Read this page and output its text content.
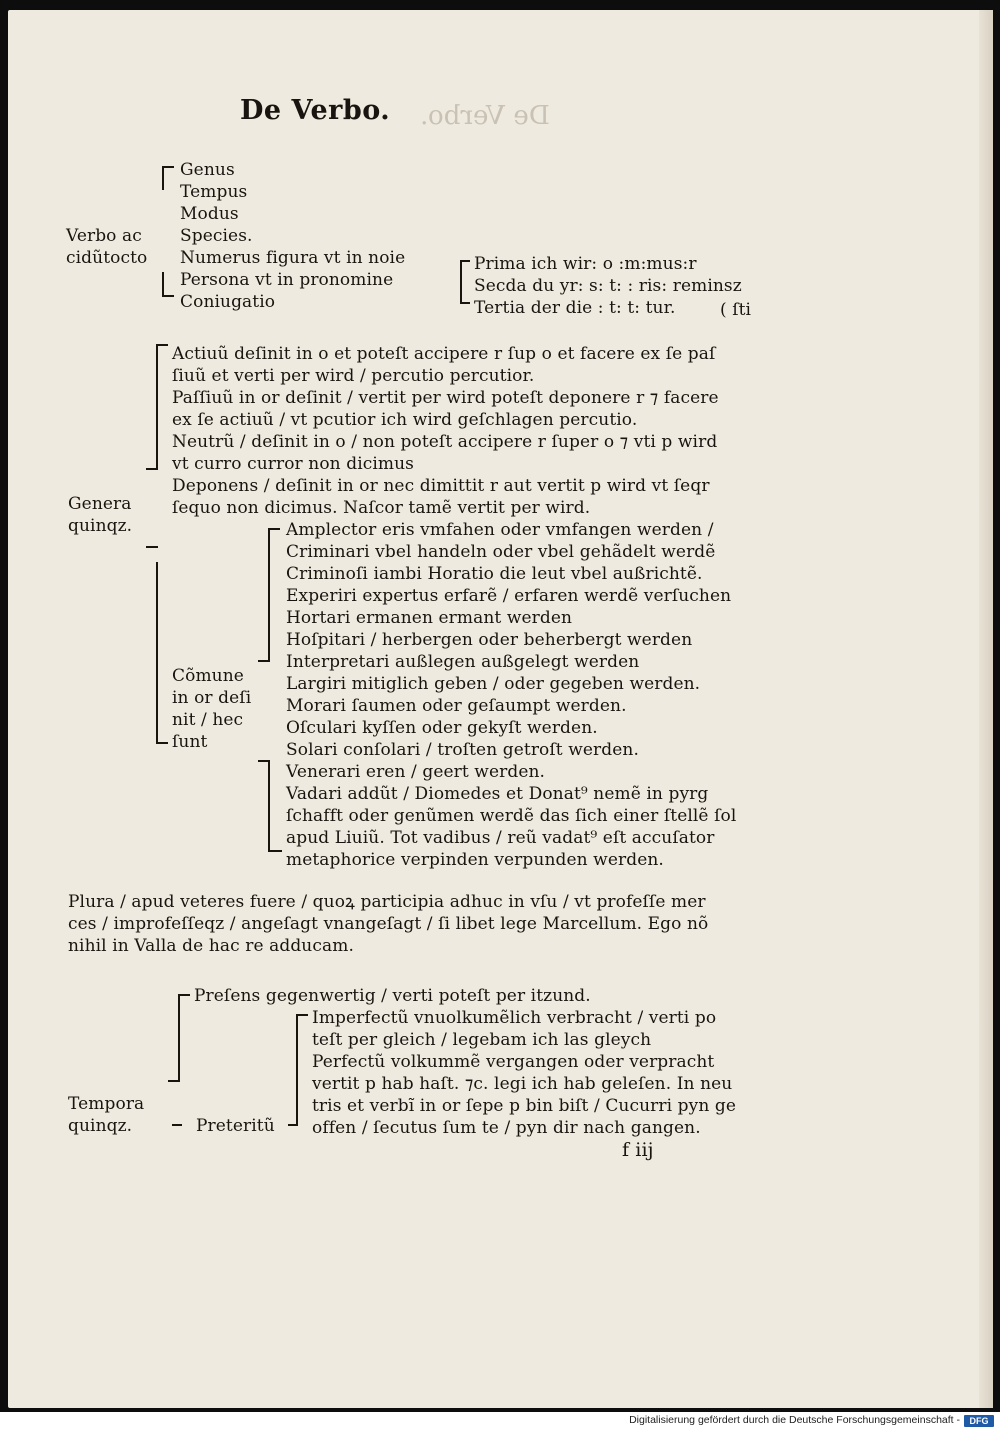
De Verbo. De Verbo.
Verbo ac
cidũtocto
Genus
Tempus
Modus
Species.
Numerus figura vt in noie
Persona vt in pronomine
Coniugatio
Prima ich wir: o :m:mus:r
Secda du yr: s: t: : ris: reminsz
Tertia der die : t: t: tur.	( ſti
Genera
quinqz.
Actiuũ deſinit in o et poteſt accipere r ſup o et facere ex ſe paſ
ſiuũ et verti per wird / percutio percutior.
Paſſiuũ in or deſinit / vertit per wird poteſt deponere r ⁊ facere
ex ſe actiuũ / vt pcutior ich wird geſchlagen percutio.
Neutrũ / deſinit in o / non poteſt accipere r ſuper o ⁊ vti p wird
vt curro curror non dicimus
Deponens / deſinit in or nec dimittit r aut vertit p wird vt ſeqr
ſequo non dicimus. Naſcor tamẽ vertit per wird.
Cõmune
in or deſi
nit / hec
ſunt
Amplector eris vmfahen oder vmfangen werden /
Criminari vbel handeln oder vbel gehãdelt werdẽ
Criminoſi iambi Horatio die leut vbel außrichtẽ.
Experiri expertus erfarẽ / erfaren werdẽ verſuchen
Hortari ermanen ermant werden
Hoſpitari / herbergen oder beherbergt werden
Interpretari außlegen außgelegt werden
Largiri mitiglich geben / oder gegeben werden.
Morari ſaumen oder geſaumpt werden.
Oſculari kyſſen oder gekyſt werden.
Solari conſolari / troſten getroſt werden.
Venerari eren / geert werden.
Vadari addũt / Diomedes et Donat⁹ nemẽ in pyrg
ſchafft oder genũmen werdẽ das ſich einer ſtellẽ ſol
apud Liuiũ. Tot vadibus / reũ vadat⁹ eſt accuſator
metaphorice verpinden verpunden werden.
Plura / apud veteres fuere / quoꝝ participia adhuc in vſu / vt profeſſe mer
ces / improfeſſeqz / angeſagt vnangeſagt / ſi libet lege Marcellum. Ego nõ
nihil in Valla de hac re adducam.
Tempora
quinqz.	Preteritũ
Preſens gegenwertig / verti poteſt per itzund.
Imperfectũ vnuolkumẽlich verbracht / verti po
teſt per gleich / legebam ich las gleych
Perfectũ volkummẽ vergangen oder verpracht
vertit p hab haſt. ⁊c. legi ich hab geleſen. In neu
tris et verbĩ in or ſepe p bin biſt / Cucurri pyn ge
offen / ſecutus ſum te / pyn dir nach gangen.
f iij
Digitalisierung gefördert durch die Deutsche Forschungsgemeinschaft -	DFG
